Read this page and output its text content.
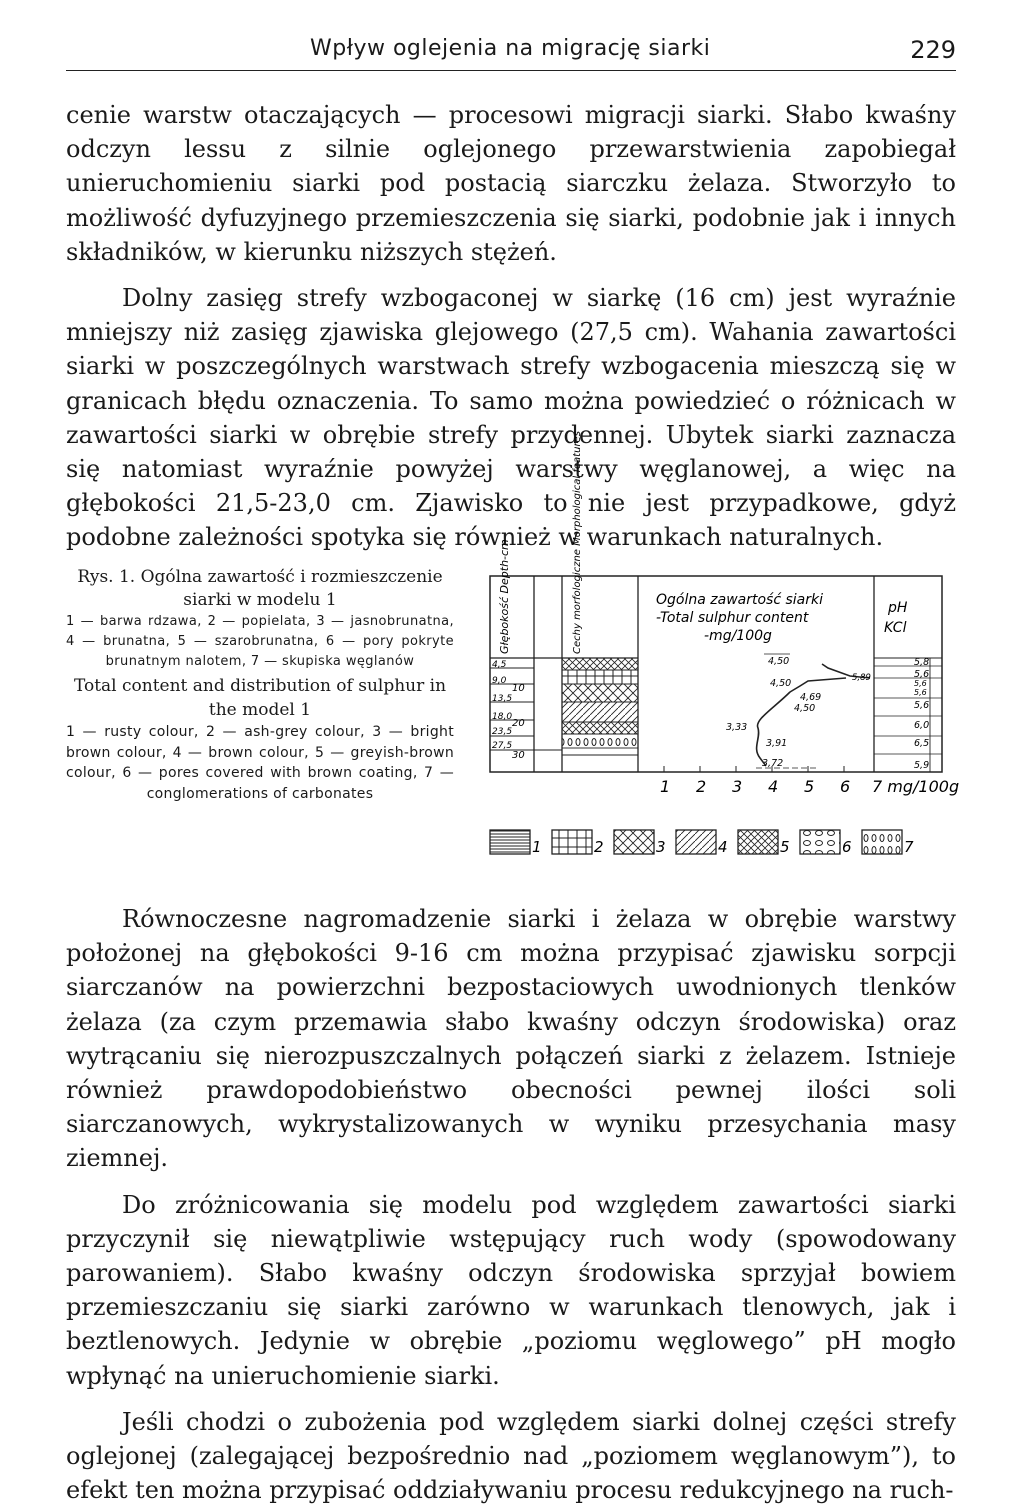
Wpływ oglejenia na migrację siarki	229

cenie warstw otaczających — procesowi migracji siarki. Słabo kwaśny odczyn lessu z silnie oglejonego przewarstwienia zapobiegał unieruchomieniu siarki pod postacią siarczku żelaza. Stworzyło to możliwość dyfuzyjnego przemieszczenia się siarki, podobnie jak i innych składników, w kierunku niższych stężeń.

Dolny zasięg strefy wzbogaconej w siarkę (16 cm) jest wyraźnie mniejszy niż zasięg zjawiska glejowego (27,5 cm). Wahania zawartości siarki w poszczególnych warstwach strefy wzbogacenia mieszczą się w granicach błędu oznaczenia. To samo można powiedzieć o różnicach w zawartości siarki w obrębie strefy przydennej. Ubytek siarki zaznacza się natomiast wyraźnie powyżej warstwy węglanowej, a więc na głębokości 21,5-23,0 cm. Zjawisko to nie jest przypadkowe, gdyż podobne zależności spotyka się również w warunkach naturalnych.

Rys. 1. Ogólna zawartość i rozmieszczenie siarki w modelu 1
1 — barwa rdzawa, 2 — popielata, 3 — jasnobrunatna, 4 — brunatna, 5 — szarobrunatna, 6 — pory pokryte brunatnym nalotem, 7 — skupiska węglanów
Total content and distribution of sulphur in the model 1
1 — rusty colour, 2 — ash-grey colour, 3 — bright brown colour, 4 — brown colour, 5 — greyish-brown colour, 6 — pores covered with brown coating, 7 — conglomerations of carbonates
Głębokość Depth-cm	Cechy morfologiczne Morphological features	Ogólna zawartość siarki
-Total sulphur content
-mg/100g
pH
KCl
4,5
9,0
13,5
18,0
23,5
27,5
10
20
30
4,50
5,89
4,50
4,69
4,50
3,33
3,91
3,72
5,8
5,6
5,6
5,6
5,6
6,0
6,5
5,9
1 2 3 4 5 6 7 mg/100g
1	2	3	4	5	6	7

Równoczesne nagromadzenie siarki i żelaza w obrębie warstwy położonej na głębokości 9-16 cm można przypisać zjawisku sorpcji siarczanów na powierzchni bezpostaciowych uwodnionych tlenków żelaza (za czym przemawia słabo kwaśny odczyn środowiska) oraz wytrącaniu się nierozpuszczalnych połączeń siarki z żelazem. Istnieje również prawdopodobieństwo obecności pewnej ilości soli siarczanowych, wykrystalizowanych w wyniku przesychania masy ziemnej.

Do zróżnicowania się modelu pod względem zawartości siarki przyczynił się niewątpliwie wstępujący ruch wody (spowodowany parowaniem). Słabo kwaśny odczyn środowiska sprzyjał bowiem przemieszczaniu się siarki zarówno w warunkach tlenowych, jak i beztlenowych. Jedynie w obrębie „poziomu węglowego” pH mogło wpłynąć na unieruchomienie siarki.

Jeśli chodzi o zubożenia pod względem siarki dolnej części strefy oglejonej (zalegającej bezpośrednio nad „poziomem węglanowym”), to efekt ten można przypisać oddziaływaniu procesu redukcyjnego na ruch-
